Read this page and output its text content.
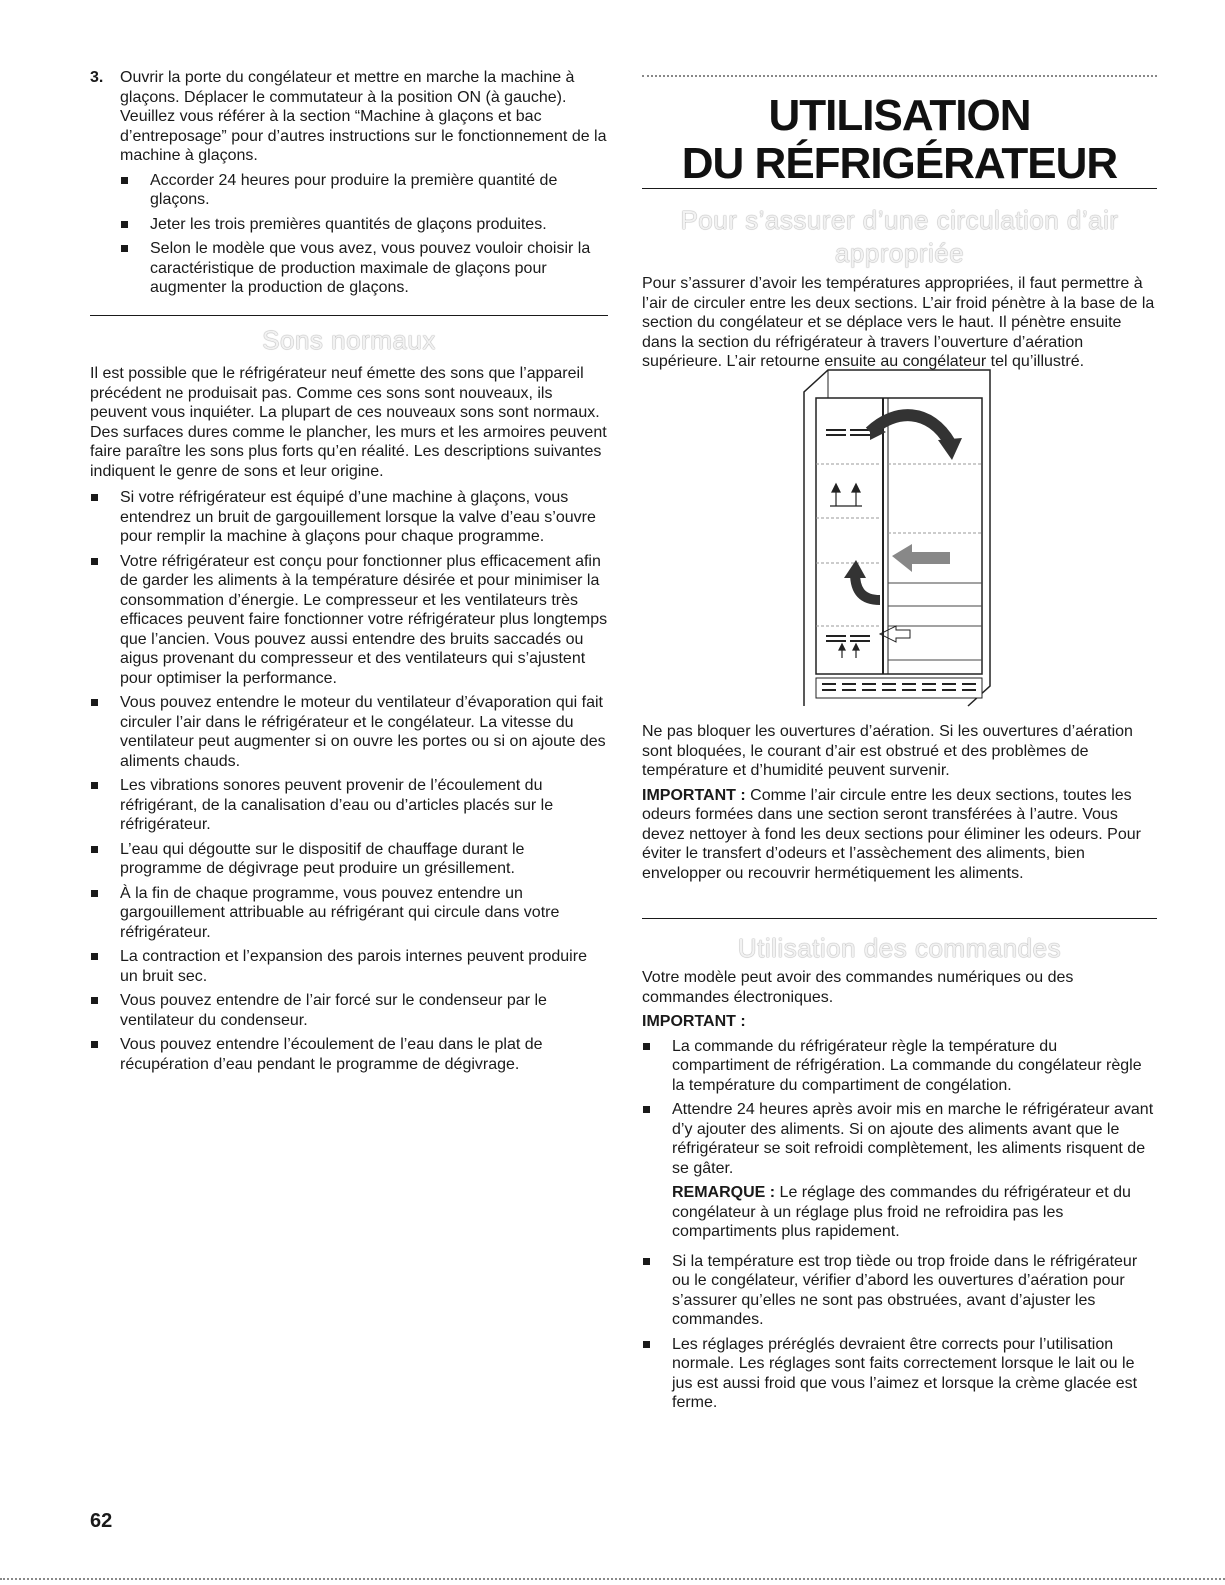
3. Ouvrir la porte du congélateur et mettre en marche la machine à glaçons. Déplacer le commutateur à la position ON (à gauche). Veuillez vous référer à la section “Machine à glaçons et bac d’entreposage” pour d’autres instructions sur le fonctionnement de la machine à glaçons.

Accorder 24 heures pour produire la première quantité de glaçons.
Jeter les trois premières quantités de glaçons produites.
Selon le modèle que vous avez, vous pouvez vouloir choisir la caractéristique de production maximale de glaçons pour augmenter la production de glaçons.
Sons normaux

Il est possible que le réfrigérateur neuf émette des sons que l’appareil précédent ne produisait pas. Comme ces sons sont nouveaux, ils peuvent vous inquiéter. La plupart de ces nouveaux sons sont normaux. Des surfaces dures comme le plancher, les murs et les armoires peuvent faire paraître les sons plus forts qu’en réalité. Les descriptions suivantes indiquent le genre de sons et leur origine.

Si votre réfrigérateur est équipé d’une machine à glaçons, vous entendrez un bruit de gargouillement lorsque la valve d’eau s’ouvre pour remplir la machine à glaçons pour chaque programme.
Votre réfrigérateur est conçu pour fonctionner plus efficacement afin de garder les aliments à la température désirée et pour minimiser la consommation d’énergie. Le compresseur et les ventilateurs très efficaces peuvent faire fonctionner votre réfrigérateur plus longtemps que l’ancien. Vous pouvez aussi entendre des bruits saccadés ou aigus provenant du compresseur et des ventilateurs qui s’ajustent pour optimiser la performance.
Vous pouvez entendre le moteur du ventilateur d’évaporation qui fait circuler l’air dans le réfrigérateur et le congélateur. La vitesse du ventilateur peut augmenter si on ouvre les portes ou si on ajoute des aliments chauds.
Les vibrations sonores peuvent provenir de l’écoulement du réfrigérant, de la canalisation d’eau ou d’articles placés sur le réfrigérateur.
L’eau qui dégoutte sur le dispositif de chauffage durant le programme de dégivrage peut produire un grésillement.
À la fin de chaque programme, vous pouvez entendre un gargouillement attribuable au réfrigérant qui circule dans votre réfrigérateur.
La contraction et l’expansion des parois internes peuvent produire un bruit sec.
Vous pouvez entendre de l’air forcé sur le condenseur par le ventilateur du condenseur.
Vous pouvez entendre l’écoulement de l’eau dans le plat de récupération d’eau pendant le programme de dégivrage.
UTILISATION
DU RÉFRIGÉRATEUR
Pour s’assurer d’une circulation d’air appropriée

Pour s’assurer d’avoir les températures appropriées, il faut permettre à l’air de circuler entre les deux sections. L’air froid pénètre à la base de la section du congélateur et se déplace vers le haut. Il pénètre ensuite dans la section du réfrigérateur à travers l’ouverture d’aération supérieure. L’air retourne ensuite au congélateur tel qu’illustré.

Ne pas bloquer les ouvertures d’aération. Si les ouvertures d’aération sont bloquées, le courant d’air est obstrué et des problèmes de température et d’humidité peuvent survenir.

IMPORTANT : Comme l’air circule entre les deux sections, toutes les odeurs formées dans une section seront transférées à l’autre. Vous devez nettoyer à fond les deux sections pour éliminer les odeurs. Pour éviter le transfert d’odeurs et l’assèchement des aliments, bien envelopper ou recouvrir hermétiquement les aliments.

Utilisation des commandes

Votre modèle peut avoir des commandes numériques ou des commandes électroniques.

IMPORTANT :

La commande du réfrigérateur règle la température du compartiment de réfrigération. La commande du congélateur règle la température du compartiment de congélation.
Attendre 24 heures après avoir mis en marche le réfrigérateur avant d’y ajouter des aliments. Si on ajoute des aliments avant que le réfrigérateur se soit refroidi complètement, les aliments risquent de se gâter.

REMARQUE : Le réglage des commandes du réfrigérateur et du congélateur à un réglage plus froid ne refroidira pas les compartiments plus rapidement.

Si la température est trop tiède ou trop froide dans le réfrigérateur ou le congélateur, vérifier d’abord les ouvertures d’aération pour s’assurer qu’elles ne sont pas obstruées, avant d’ajuster les commandes.
Les réglages préréglés devraient être corrects pour l’utilisation normale. Les réglages sont faits correctement lorsque le lait ou le jus est aussi froid que vous l’aimez et lorsque la crème glacée est ferme.
62
